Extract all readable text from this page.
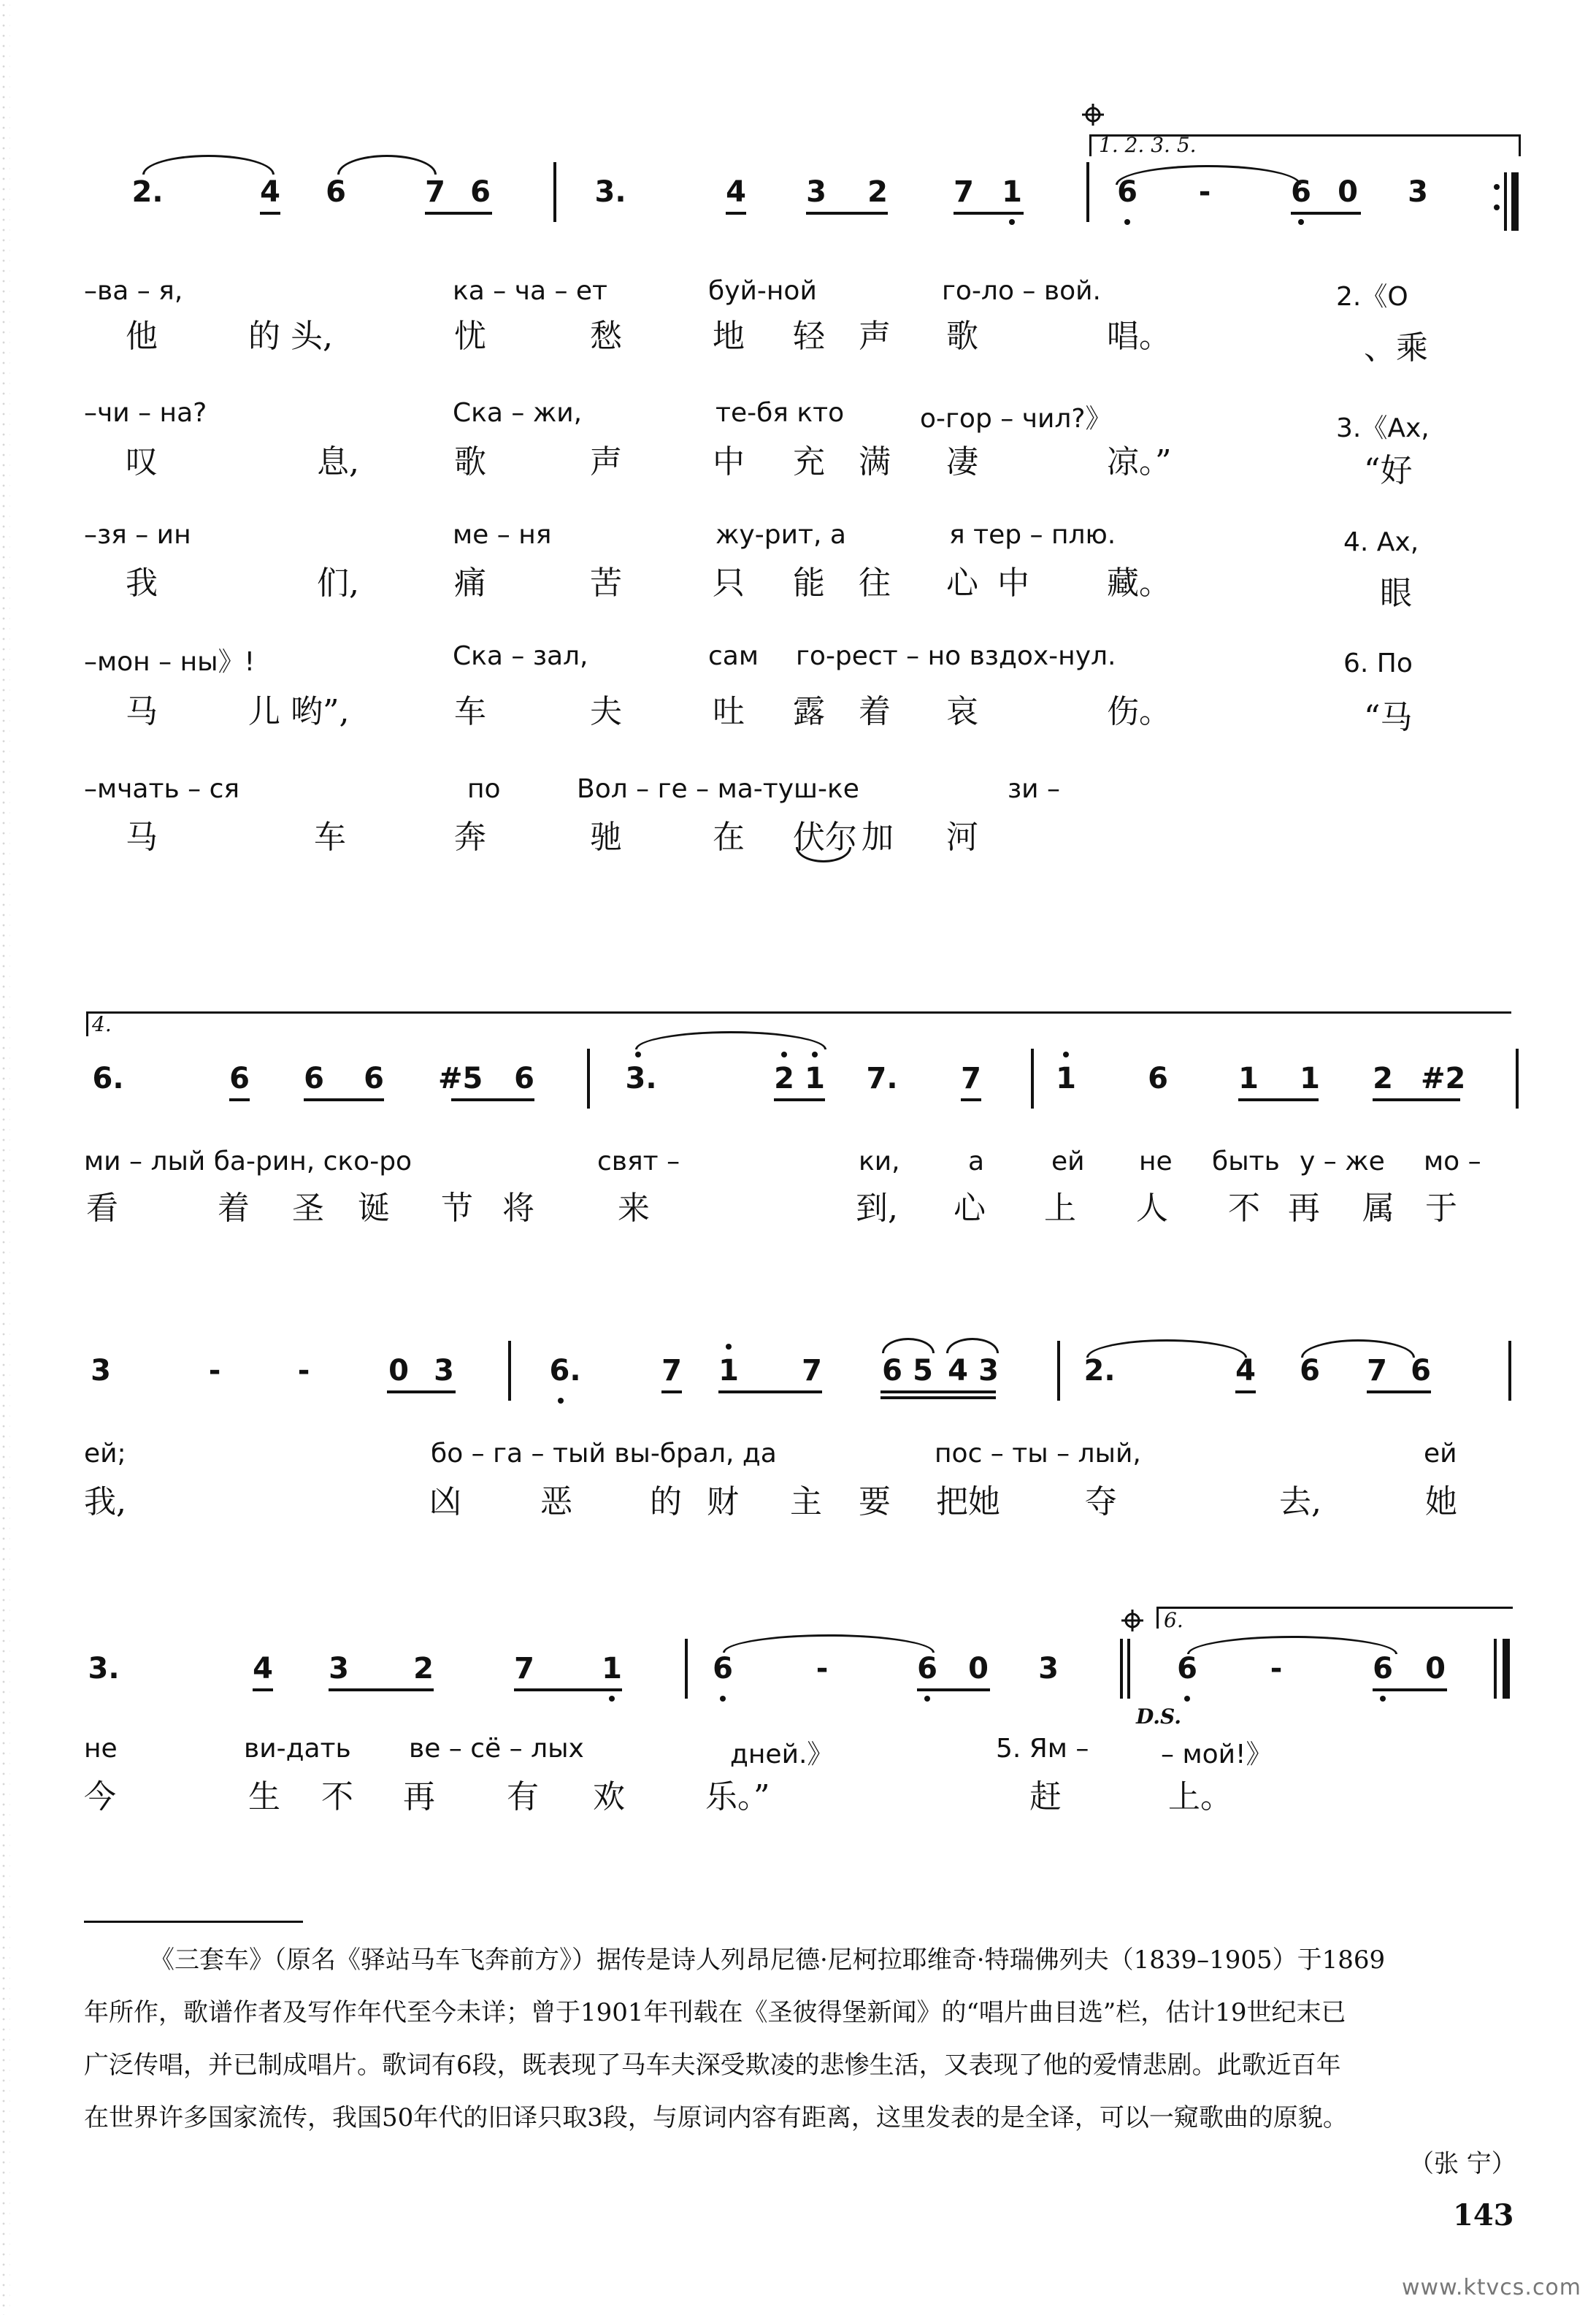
1. 2. 3. 5.
2.	4	6	7 6	3.	4	3	2	7 1	6	-	6 0	3
–ва – я,	ка – ча – ет	буй-ной	го-ло – вой.	2.《О
他	的 头,	忧	愁	地 轻 声 歌	唱。	、乘
–чи – на?	Ска – жи,	те-бя кто	о-гор – чил?》	3.《Ах,
叹	息,	歌	声	中 充 满 凄	凉。”	“好
–зя – ин	ме – ня	жу-рит, а	я тер – плю.	4. Ах,
我	们,	痛	苦	只 能 往 心 中 藏。	眼
–мон – ны》!	Ска – зал,	сам го-рест – но вздох-нул.	6. По
马	儿 哟”,	车	夫	吐 露 着 哀	伤。	“马
–мчать – ся	по	Вол – ге – ма-туш-ке	зи –
马	车	奔	驰	在 伏尔 加 河
4.
6.	6	6	6	#5	6	3.	2 1	7.	7	1	6	1	1	2 #2
ми – лый ба-рин, ско-ро	свят –	ки,	а	ей не быть у – же мо –
看	着 圣 诞 节 将	来	到, 心 上 人 不 再 属 于
3	-	-	0 3	6.	7	1	7	6 5 4 3	2.	4	6	7 6
ей;	бо – га – тый вы-брал, да	пос – ты – лый,	ей
我,	凶 恶 的 财 主 要 把她	夺	去,	她
6.
3.	4	3	2	7	1	6	-	6	0	3	6	-	6	0
D.S.
не	ви-дать ве – сё – лых	дней.》	5. Ям –	– мой!》
今	生 不 再 有 欢	乐。”	赶	上。
《三套车》（原名《驿站马车飞奔前方》）据传是诗人列昂尼德·尼柯拉耶维奇·特瑞佛列夫（1839–1905）于1869
年所作，歌谱作者及写作年代至今未详；曾于1901年刊载在《圣彼得堡新闻》的“唱片曲目选”栏，估计19世纪末已
广泛传唱，并已制成唱片。歌词有6段，既表现了马车夫深受欺凌的悲惨生活，又表现了他的爱情悲剧。此歌近百年
在世界许多国家流传，我国50年代的旧译只取3段，与原词内容有距离，这里发表的是全译，可以一窥歌曲的原貌。
（张 宁）
143
www.ktvcs.com
